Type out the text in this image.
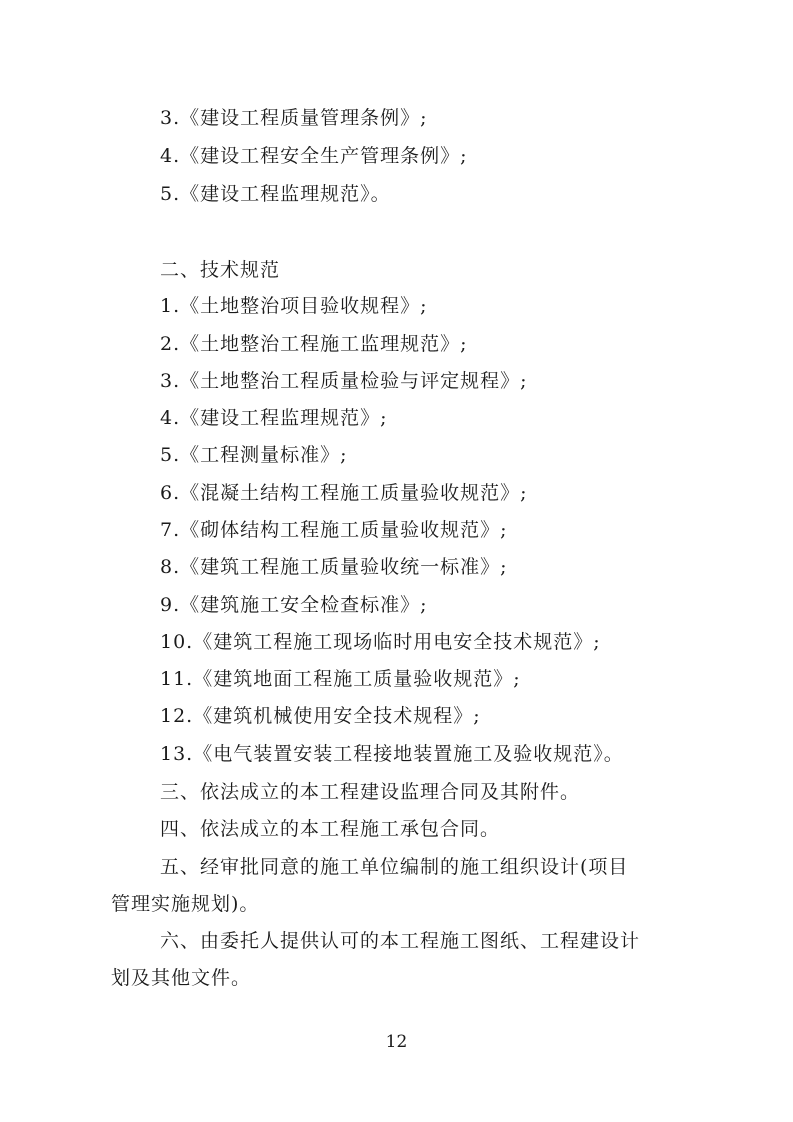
3.《建设工程质量管理条例》;
4.《建设工程安全生产管理条例》;
5.《建设工程监理规范》。
二、技术规范
1.《土地整治项目验收规程》;
2.《土地整治工程施工监理规范》;
3.《土地整治工程质量检验与评定规程》;
4.《建设工程监理规范》;
5.《工程测量标准》;
6.《混凝土结构工程施工质量验收规范》;
7.《砌体结构工程施工质量验收规范》;
8.《建筑工程施工质量验收统一标准》;
9.《建筑施工安全检查标准》;
10.《建筑工程施工现场临时用电安全技术规范》;
11.《建筑地面工程施工质量验收规范》;
12.《建筑机械使用安全技术规程》;
13.《电气装置安装工程接地装置施工及验收规范》。
三、依法成立的本工程建设监理合同及其附件。
四、依法成立的本工程施工承包合同。
五、经审批同意的施工单位编制的施工组织设计(项目
管理实施规划)。
六、由委托人提供认可的本工程施工图纸、工程建设计
划及其他文件。
12
